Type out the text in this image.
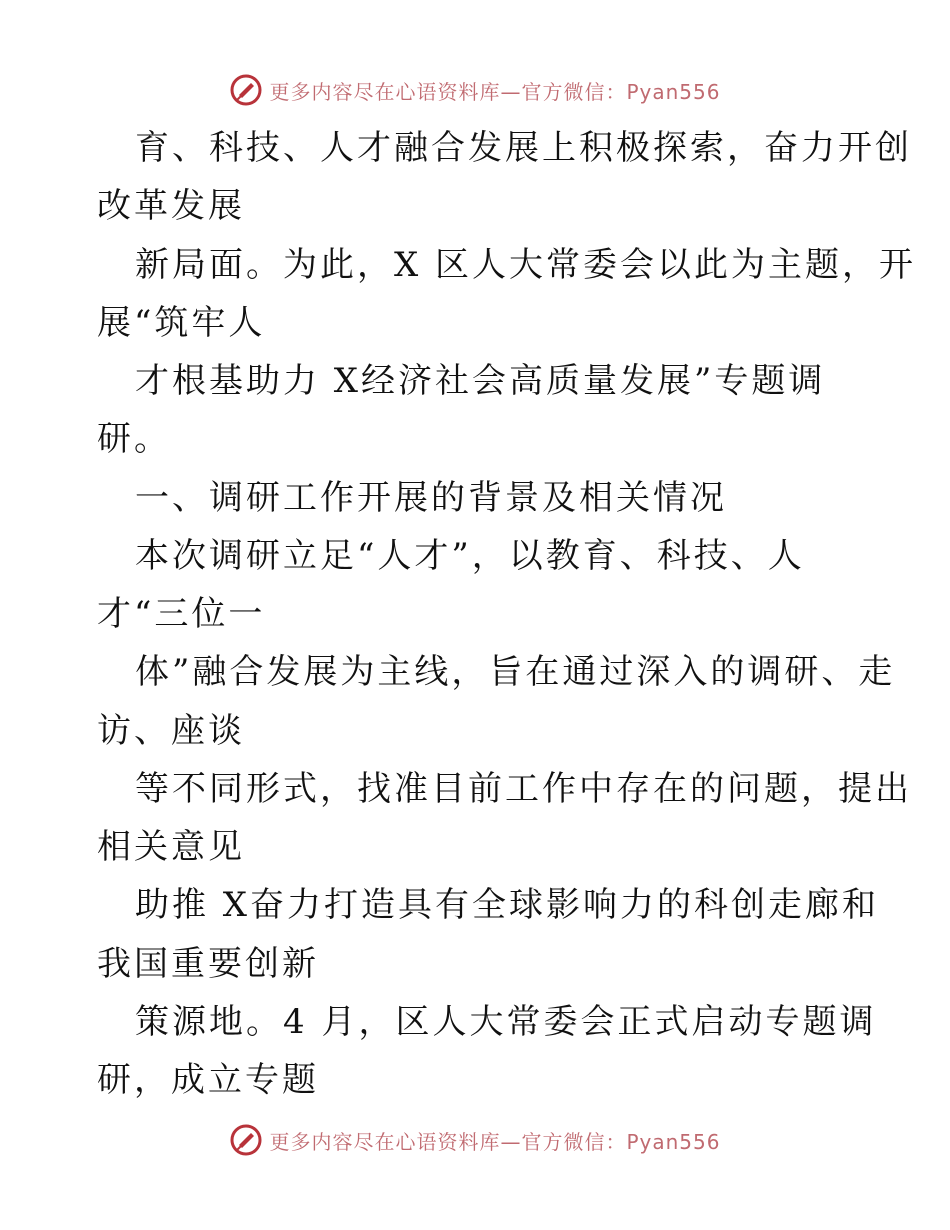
更多内容尽在心语资料库—官方微信：Pyan556
育、科技、人才融合发展上积极探索，奋力开创
改革发展
新局面。为此，X 区人大常委会以此为主题，开
展“筑牢人
才根基助力 X经济社会高质量发展”专题调
研。
一、调研工作开展的背景及相关情况
本次调研立足“人才”，以教育、科技、人
才“三位一
体”融合发展为主线，旨在通过深入的调研、走
访、座谈
等不同形式，找准目前工作中存在的问题，提出
相关意见
助推 X奋力打造具有全球影响力的科创走廊和
我国重要创新
策源地。4 月，区人大常委会正式启动专题调
研，成立专题
更多内容尽在心语资料库—官方微信：Pyan556
